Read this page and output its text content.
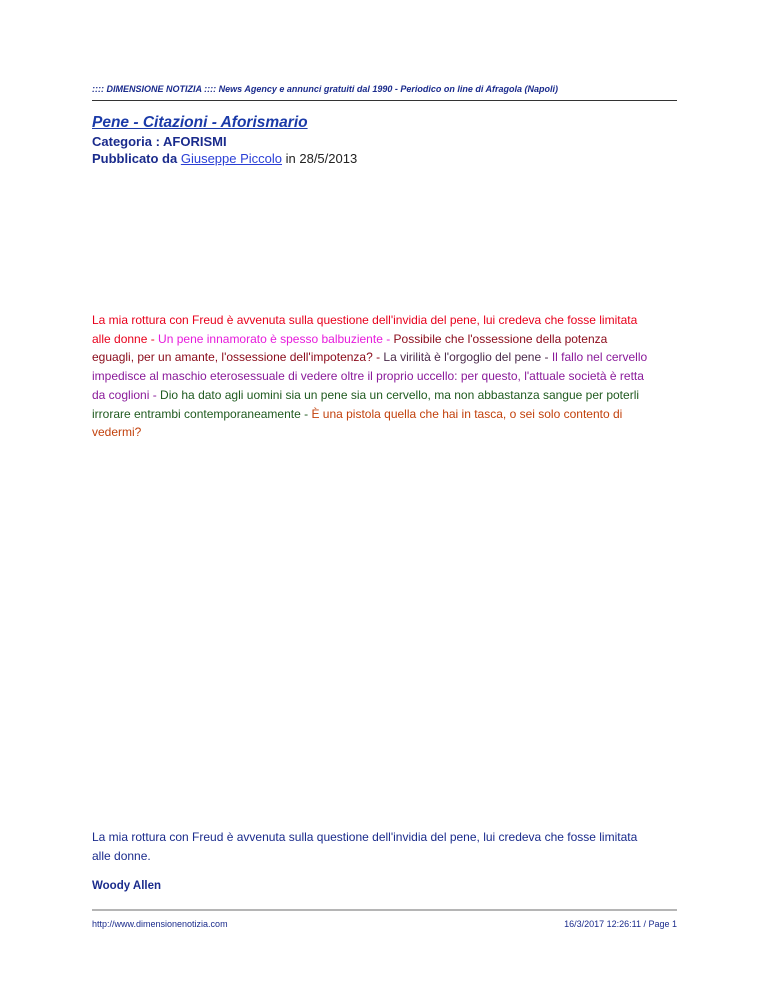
:::: DIMENSIONE NOTIZIA :::: News Agency e annunci gratuiti dal 1990 - Periodico on line di Afragola (Napoli)
Pene - Citazioni - Aforismario
Categoria : AFORISMI
Pubblicato da Giuseppe Piccolo in 28/5/2013
La mia rottura con Freud è avvenuta sulla questione dell'invidia del pene, lui credeva che fosse limitata alle donne - Un pene innamorato è spesso balbuziente - Possibile che l'ossessione della potenza eguagli, per un amante, l'ossessione dell'impotenza? - La virilità è l'orgoglio del pene - Il fallo nel cervello impedisce al maschio eterosessuale di vedere oltre il proprio uccello: per questo, l'attuale società è retta da coglioni - Dio ha dato agli uomini sia un pene sia un cervello, ma non abbastanza sangue per poterli irrorare entrambi contemporaneamente - È una pistola quella che hai in tasca, o sei solo contento di vedermi?
La mia rottura con Freud è avvenuta sulla questione dell'invidia del pene, lui credeva che fosse limitata alle donne.
Woody Allen
http://www.dimensionenotizia.com	16/3/2017 12:26:11 / Page 1
